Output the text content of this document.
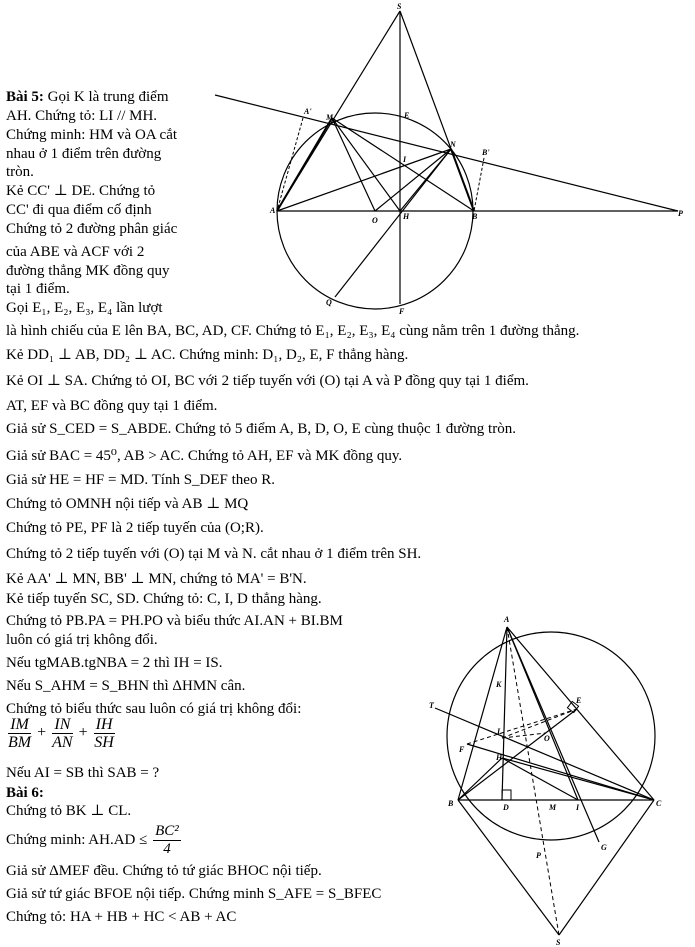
S
M	E
N
A'
B'
I
A
O	H	B	P
Q
F
A
T
K
E
L
O
F
H
B	D	M I	C
G
P
S
Bài 5: Gọi K là trung điểm
AH. Chứng tỏ: LI // MH.
Chứng minh: HM và OA cắt
nhau ở 1 điểm trên đường
tròn.
Kẻ CC' ⊥ DE. Chứng tỏ
CC' đi qua điểm cố định
Chứng tỏ 2 đường phân giác
của ABE và ACF với 2
đường thẳng MK đồng quy
tại 1 điểm.
Gọi E₁, E₂, E₃, E₄ lần lượt
là hình chiếu của E lên BA, BC, AD, CF. Chứng tỏ E₁, E₂, E₃, E₄ cùng nằm trên 1 đường thẳng.
Kẻ DD₁ ⊥ AB, DD₂ ⊥ AC. Chứng minh: D₁, D₂, E, F thẳng hàng.
Kẻ OI ⊥ SA. Chứng tỏ OI, BC với 2 tiếp tuyến với (O) tại A và P đồng quy tại 1 điểm.
AT, EF và BC đồng quy tại 1 điểm.
Giả sử S_CED = S_ABDE. Chứng tỏ 5 điểm A, B, D, O, E cùng thuộc 1 đường tròn.
Giả sử BAC = 45⁰, AB > AC. Chứng tỏ AH, EF và MK đồng quy.
Giả sử HE = HF = MD. Tính S_DEF theo R.
Chứng tỏ OMNH nội tiếp và AB ⊥ MQ
Chứng tỏ PE, PF là 2 tiếp tuyến của (O;R).
Chứng tỏ 2 tiếp tuyến với (O) tại M và N. cắt nhau ở 1 điểm trên SH.
Kẻ AA' ⊥ MN, BB' ⊥ MN, chứng tỏ MA' = B'N.
Kẻ tiếp tuyến SC, SD. Chứng tỏ: C, I, D thẳng hàng.
Chứng tỏ PB.PA = PH.PO và biểu thức AI.AN + BI.BM
luôn có giá trị không đổi.
Nếu tgMAB.tgNBA = 2 thì IH = IS.
Nếu S_AHM = S_BHN thì ΔHMN cân.
Chứng tỏ biểu thức sau luôn có giá trị không đổi:
$\frac{IM}{BM} + \frac{IN}{AN} + \frac{IH}{SH}$
Nếu AI = SB thì SAB = ?
Bài 6:
Chứng tỏ BK ⊥ CL.
Chứng minh: $AH.AD \le \frac{\text{BC²}}{4}$
Giả sử ΔMEF đều. Chứng tỏ tứ giác BHOC nội tiếp.
Giả sử tứ giác BFOE nội tiếp. Chứng minh S_AFE = S_BFEC
Chứng tỏ: HA + HB + HC < AB + AC
